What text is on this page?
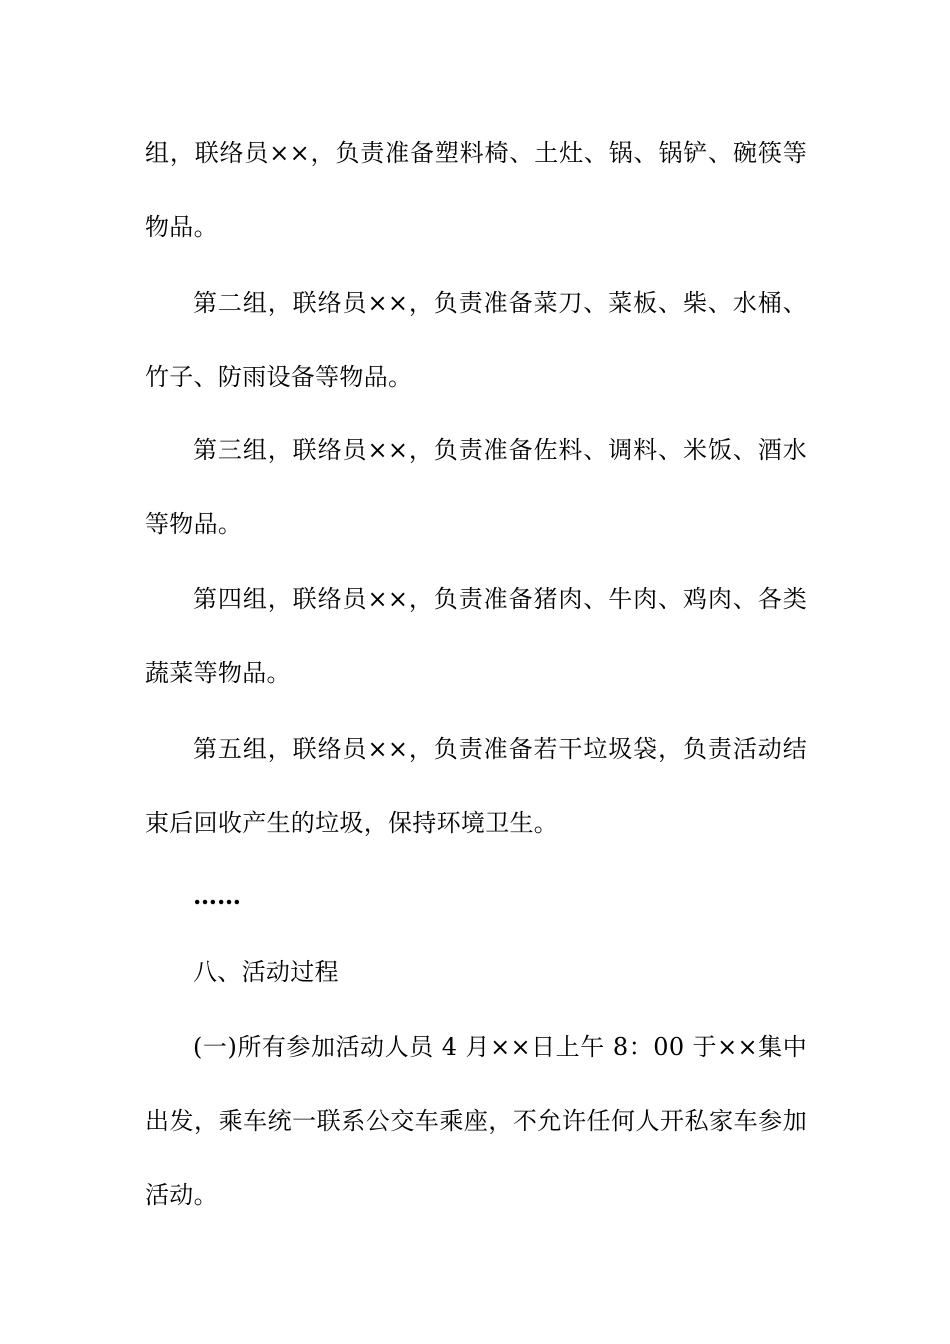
组，联络员××，负责准备塑料椅、土灶、锅、锅铲、碗筷等物品。

第二组，联络员××，负责准备菜刀、菜板、柴、水桶、竹子、防雨设备等物品。

第三组，联络员××，负责准备佐料、调料、米饭、酒水等物品。

第四组，联络员××，负责准备猪肉、牛肉、鸡肉、各类蔬菜等物品。

第五组，联络员××，负责准备若干垃圾袋，负责活动结束后回收产生的垃圾，保持环境卫生。

……

八、活动过程

(一)所有参加活动人员 4 月××日上午 8：00 于××集中出发，乘车统一联系公交车乘座，不允许任何人开私家车参加活动。
